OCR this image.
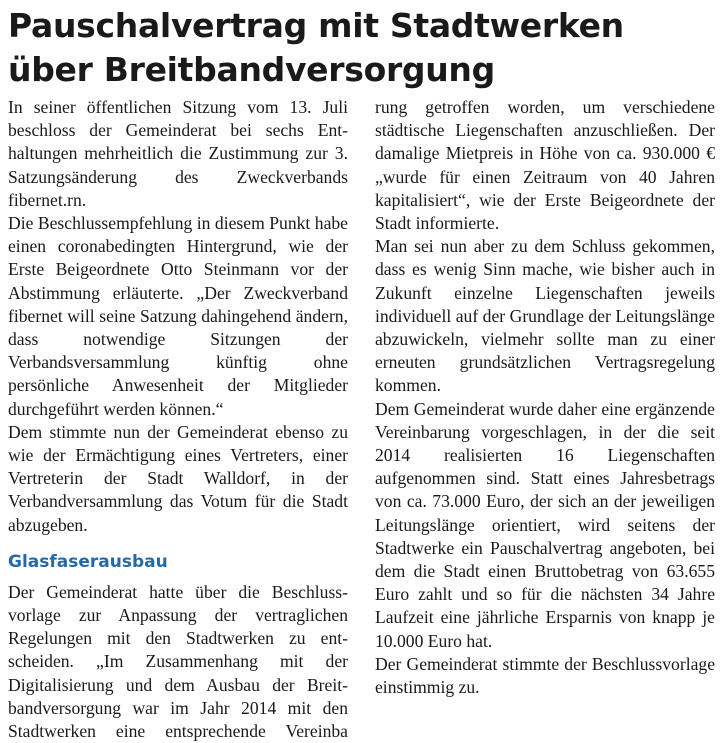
Pauschalvertrag mit Stadtwerken über Breitbandversorgung

In seiner öffentlichen Sitzung vom 13. Juli beschloss der Gemeinderat bei sechs Enthaltungen mehrheitlich die Zustimmung zur 3. Satzungsänderung des Zweckverbands fibernet.rn.

Die Beschlussempfehlung in diesem Punkt habe einen coronabedingten Hintergrund, wie der Erste Beigeordnete Otto Steinmann vor der Abstimmung erläuterte. „Der Zweckverband fibernet will seine Satzung dahingehend ändern, dass notwendige Sitzungen der Verbandsversammlung künftig ohne persönliche Anwesenheit der Mitglieder durchgeführt werden können.“

Dem stimmte nun der Gemeinderat ebenso zu wie der Ermächtigung eines Vertreters, einer Vertreterin der Stadt Walldorf, in der Verbandversammlung das Votum für die Stadt abzugeben.

Glasfaserausbau

Der Gemeinderat hatte über die Beschlussvorlage zur Anpassung der vertraglichen Regelungen mit den Stadtwerken zu entscheiden. „Im Zusammenhang mit der Digitalisierung und dem Ausbau der Breitbandversorgung war im Jahr 2014 mit den Stadtwerken eine entsprechende Vereinba

rung getroffen worden, um verschiedene städtische Liegenschaften anzuschließen. Der damalige Mietpreis in Höhe von ca. 930.000 € „wurde für einen Zeitraum von 40 Jahren kapitalisiert“, wie der Erste Beigeordnete der Stadt informierte.

Man sei nun aber zu dem Schluss gekommen, dass es wenig Sinn mache, wie bisher auch in Zukunft einzelne Liegenschaften jeweils individuell auf der Grundlage der Leitungslänge abzuwickeln, vielmehr sollte man zu einer erneuten grundsätzlichen Vertragsregelung kommen.

Dem Gemeinderat wurde daher eine ergänzende Vereinbarung vorgeschlagen, in der die seit 2014 realisierten 16 Liegenschaften aufgenommen sind. Statt eines Jahresbetrags von ca. 73.000 Euro, der sich an der jeweiligen Leitungslänge orientiert, wird seitens der Stadtwerke ein Pauschalvertrag angeboten, bei dem die Stadt einen Bruttobetrag von 63.655 Euro zahlt und so für die nächsten 34 Jahre Laufzeit eine jährliche Ersparnis von knapp je 10.000 Euro hat.

Der Gemeinderat stimmte der Beschlussvorlage einstimmig zu.
